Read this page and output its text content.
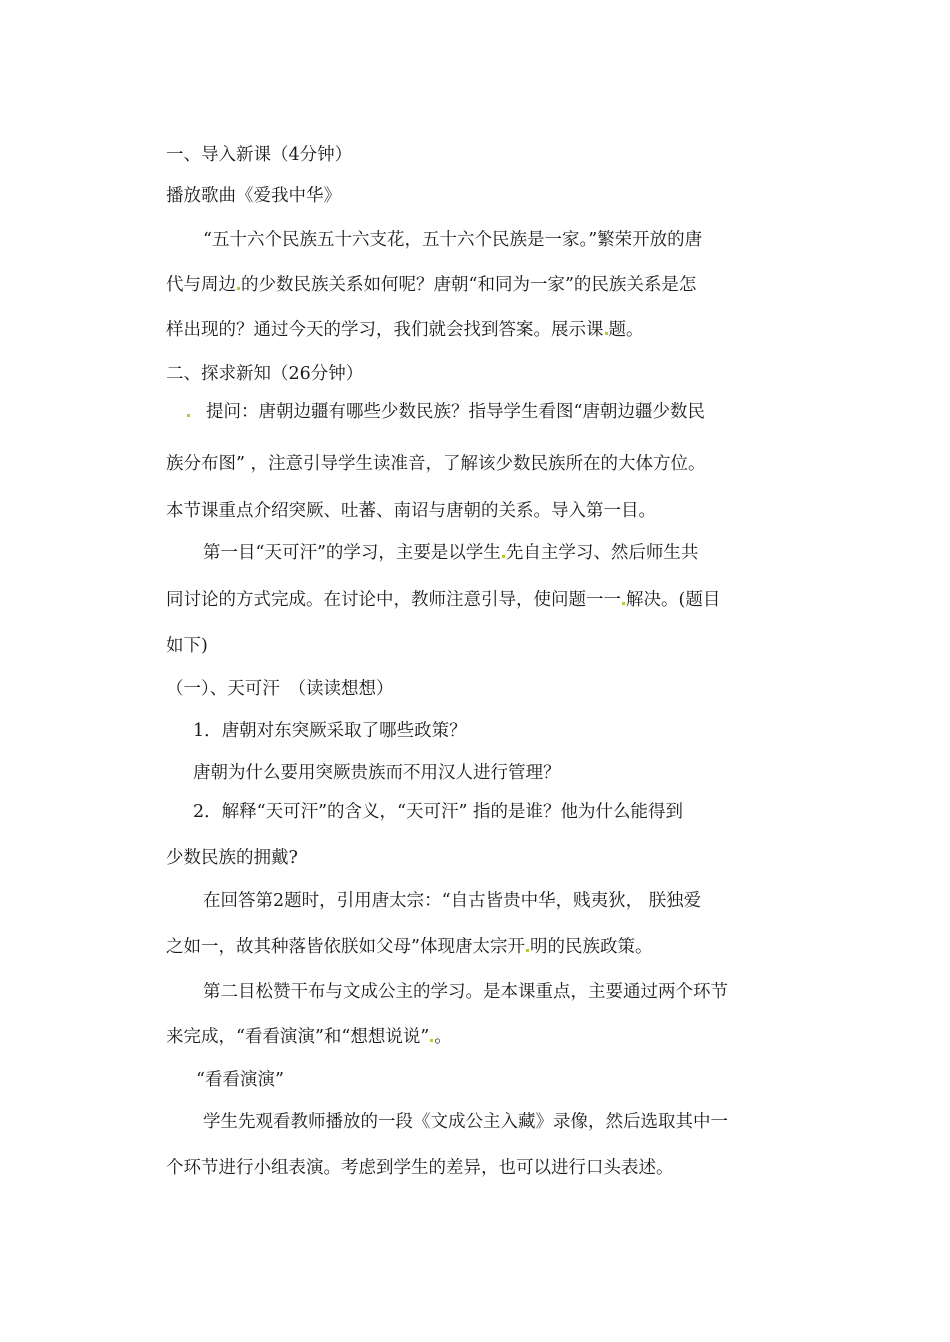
一、导入新课（4分钟）
播放歌曲《爱我中华》
“五十六个民族五十六支花，五十六个民族是一家。”繁荣开放的唐
代与周边 的少数民族关系如何呢？唐朝“和同为一家”的民族关系是怎
样出现的？通过今天的学习，我们就会找到答案。展示课 题。
二、探求新知（26分钟）
提问：唐朝边疆有哪些少数民族？指导学生看图“唐朝边疆少数民
族分布图” ，注意引导学生读准音，了解该少数民族所在的大体方位。
本节课重点介绍突厥、吐蕃、南诏与唐朝的关系。导入第一目。
第一目“天可汗”的学习，主要是以学生 先自主学习、然后师生共
同讨论的方式完成。在讨论中，教师注意引导，使问题一一 解决。(题目
如下)
（一）、天可汗　（读读想想）
1．唐朝对东突厥采取了哪些政策？
唐朝为什么要用突厥贵族而不用汉人进行管理？
2．解释“天可汗”的含义，“天可汗” 指的是谁？他为什么能得到
少数民族的拥戴?
在回答第2题时，引用唐太宗：“自古皆贵中华，贱夷狄， 朕独爱
之如一，故其种落皆依朕如父母”体现唐太宗开 明的民族政策。
第二目松赞干布与文成公主的学习。是本课重点，主要通过两个环节
来完成，“看看演演”和“想想说说” 。
“看看演演”
学生先观看教师播放的一段《文成公主入藏》录像，然后选取其中一
个环节进行小组表演。考虑到学生的差异，也可以进行口头表述。
